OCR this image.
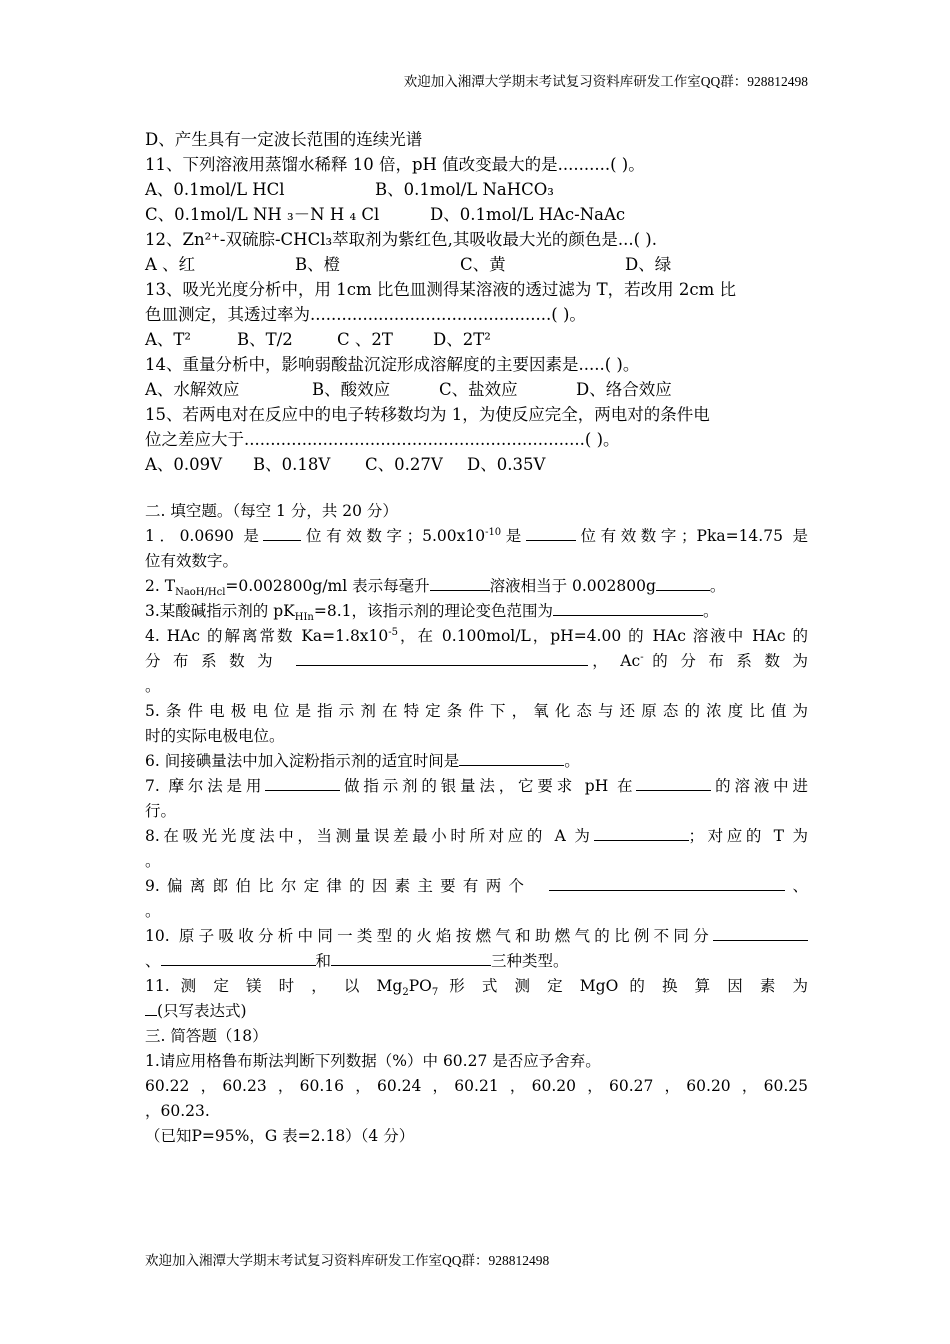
欢迎加入湘潭大学期末考试复习资料库研发工作室QQ群：928812498
D、产生具有一定波长范围的连续光谱
11、下列溶液用蒸馏水稀释 10 倍，pH 值改变最大的是..........( )。
A、0.1mol/L HCl	B、0.1mol/L NaHCO₃
C、0.1mol/L NH ₃－N H ₄ Cl	D、0.1mol/L HAc-NaAc
12、Zn²⁺-双硫腙-CHCl₃萃取剂为紫红色,其吸收最大光的颜色是...( ).
A 、红	B、橙	C、黄	D、绿
13、吸光光度分析中，用 1cm 比色皿测得某溶液的透过滤为 T，若改用 2cm 比
色皿测定，其透过率为..............................................( )。
A、T²	B、T/2	C 、2T D、2T²
14、重量分析中，影响弱酸盐沉淀形成溶解度的主要因素是.....( )。
A、水解效应	B、酸效应	C、盐效应	D、络合效应
15、若两电对在反应中的电子转移数均为 1，为使反应完全，两电对的条件电
位之差应大于.................................................................( )。
A、0.09V B、0.18V C、0.27V D、0.35V
二. 填空题。（每空 1 分，共 20 分）
1．0.0690 是 位有效数字；$5.00x10^{-10}$是	位有效数字；Pka=14.75 是
位有效数字。
2. $T_{NaoH/Hcl}=0.002800g/ml$ 表示每毫升	溶液相当于 0.002800g	。
3.某酸碱指示剂的 $pK_{HIn}=8.1$，该指示剂的理论变色范围为	。
4. HAc 的解离常数 $Ka=1.8x10^{-5}$，在 0.100mol/L，pH=4.00 的 HAc 溶液中 HAc 的
分 布 系 数 为	， Ac- 的 分 布 系 数 为
。
5.条件电极电位是指示剂在特定条件下，氧化态与还原态的浓度比值为
时的实际电极电位。
6. 间接碘量法中加入淀粉指示剂的适宜时间是	。
7. 摩尔法是用	做指示剂的银量法，它要求 pH 在	的溶液中进
行。
8.在吸光光度法中，当测量误差最小时所对应的 A 为	；对应的 T 为
。
9.偏离郎伯比尔定律的因素主要有两个	、
。
10. 原子吸收分析中同一类型的火焰按燃气和助燃气的比例不同分
、	和	三种类型。
11. 测 定 镁 时 ， 以 $Mg_2PO_7$ 形 式 测 定 MgO 的 换 算 因 素 为
(只写表达式)
三. 简答题（18）
1.请应用格鲁布斯法判断下列数据（%）中 60.27 是否应予舍弃。
60.22 ，60.23 ，60.16 ，60.24 ，60.21 ，60.20 ，60.27 ，60.20 ，60.25
，60.23.
（已知P=95%，G 表=2.18）（4 分）
欢迎加入湘潭大学期末考试复习资料库研发工作室QQ群：928812498
